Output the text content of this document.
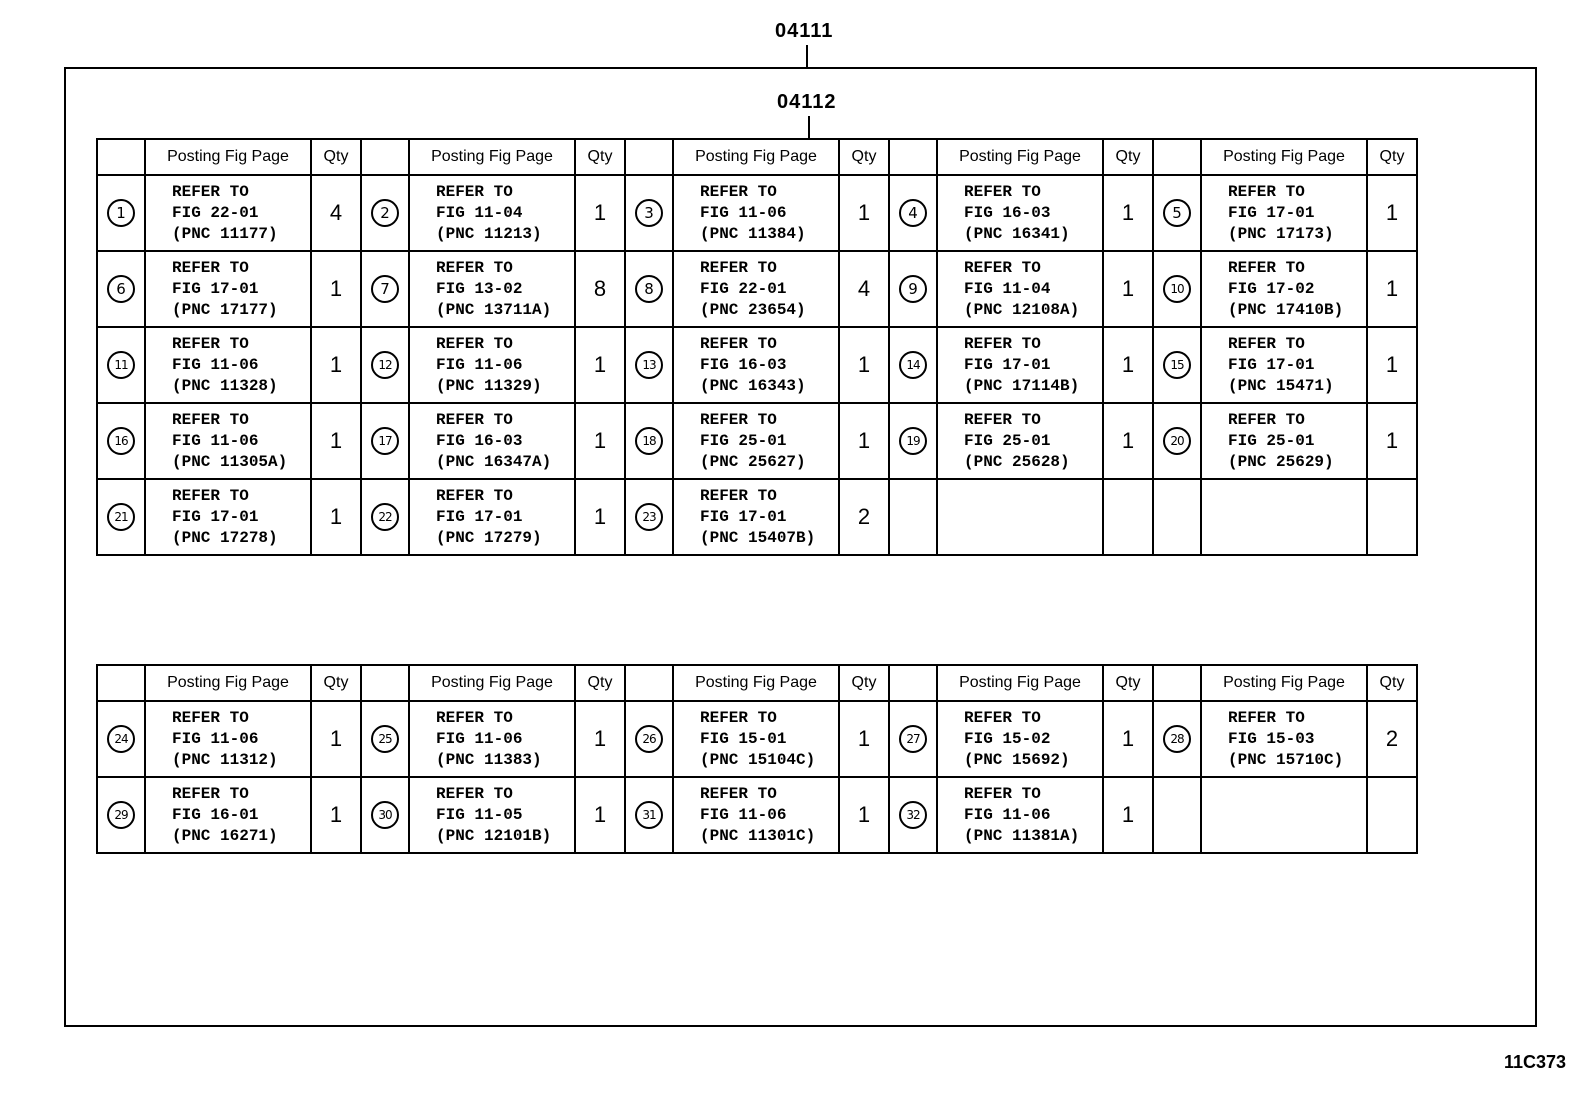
04111
04112
	Posting Fig Page	Qty		Posting Fig Page	Qty		Posting Fig Page	Qty		Posting Fig Page	Qty		Posting Fig Page	Qty
1	REFER TO
FIG 22-01
(PNC 11177)	4	2	REFER TO
FIG 11-04
(PNC 11213)	1	3	REFER TO
FIG 11-06
(PNC 11384)	1	4	REFER TO
FIG 16-03
(PNC 16341)	1	5	REFER TO
FIG 17-01
(PNC 17173)	1
6	REFER TO
FIG 17-01
(PNC 17177)	1	7	REFER TO
FIG 13-02
(PNC 13711A)	8	8	REFER TO
FIG 22-01
(PNC 23654)	4	9	REFER TO
FIG 11-04
(PNC 12108A)	1	10	REFER TO
FIG 17-02
(PNC 17410B)	1
11	REFER TO
FIG 11-06
(PNC 11328)	1	12	REFER TO
FIG 11-06
(PNC 11329)	1	13	REFER TO
FIG 16-03
(PNC 16343)	1	14	REFER TO
FIG 17-01
(PNC 17114B)	1	15	REFER TO
FIG 17-01
(PNC 15471)	1
16	REFER TO
FIG 11-06
(PNC 11305A)	1	17	REFER TO
FIG 16-03
(PNC 16347A)	1	18	REFER TO
FIG 25-01
(PNC 25627)	1	19	REFER TO
FIG 25-01
(PNC 25628)	1	20	REFER TO
FIG 25-01
(PNC 25629)	1
21	REFER TO
FIG 17-01
(PNC 17278)	1	22	REFER TO
FIG 17-01
(PNC 17279)	1	23	REFER TO
FIG 17-01
(PNC 15407B)	2		

	Posting Fig Page	Qty		Posting Fig Page	Qty		Posting Fig Page	Qty		Posting Fig Page	Qty		Posting Fig Page	Qty
24	REFER TO
FIG 11-06
(PNC 11312)	1	25	REFER TO
FIG 11-06
(PNC 11383)	1	26	REFER TO
FIG 15-01
(PNC 15104C)	1	27	REFER TO
FIG 15-02
(PNC 15692)	1	28	REFER TO
FIG 15-03
(PNC 15710C)	2
29	REFER TO
FIG 16-01
(PNC 16271)	1	30	REFER TO
FIG 11-05
(PNC 12101B)	1	31	REFER TO
FIG 11-06
(PNC 11301C)	1	32	REFER TO
FIG 11-06
(PNC 11381A)	1		

11C373
